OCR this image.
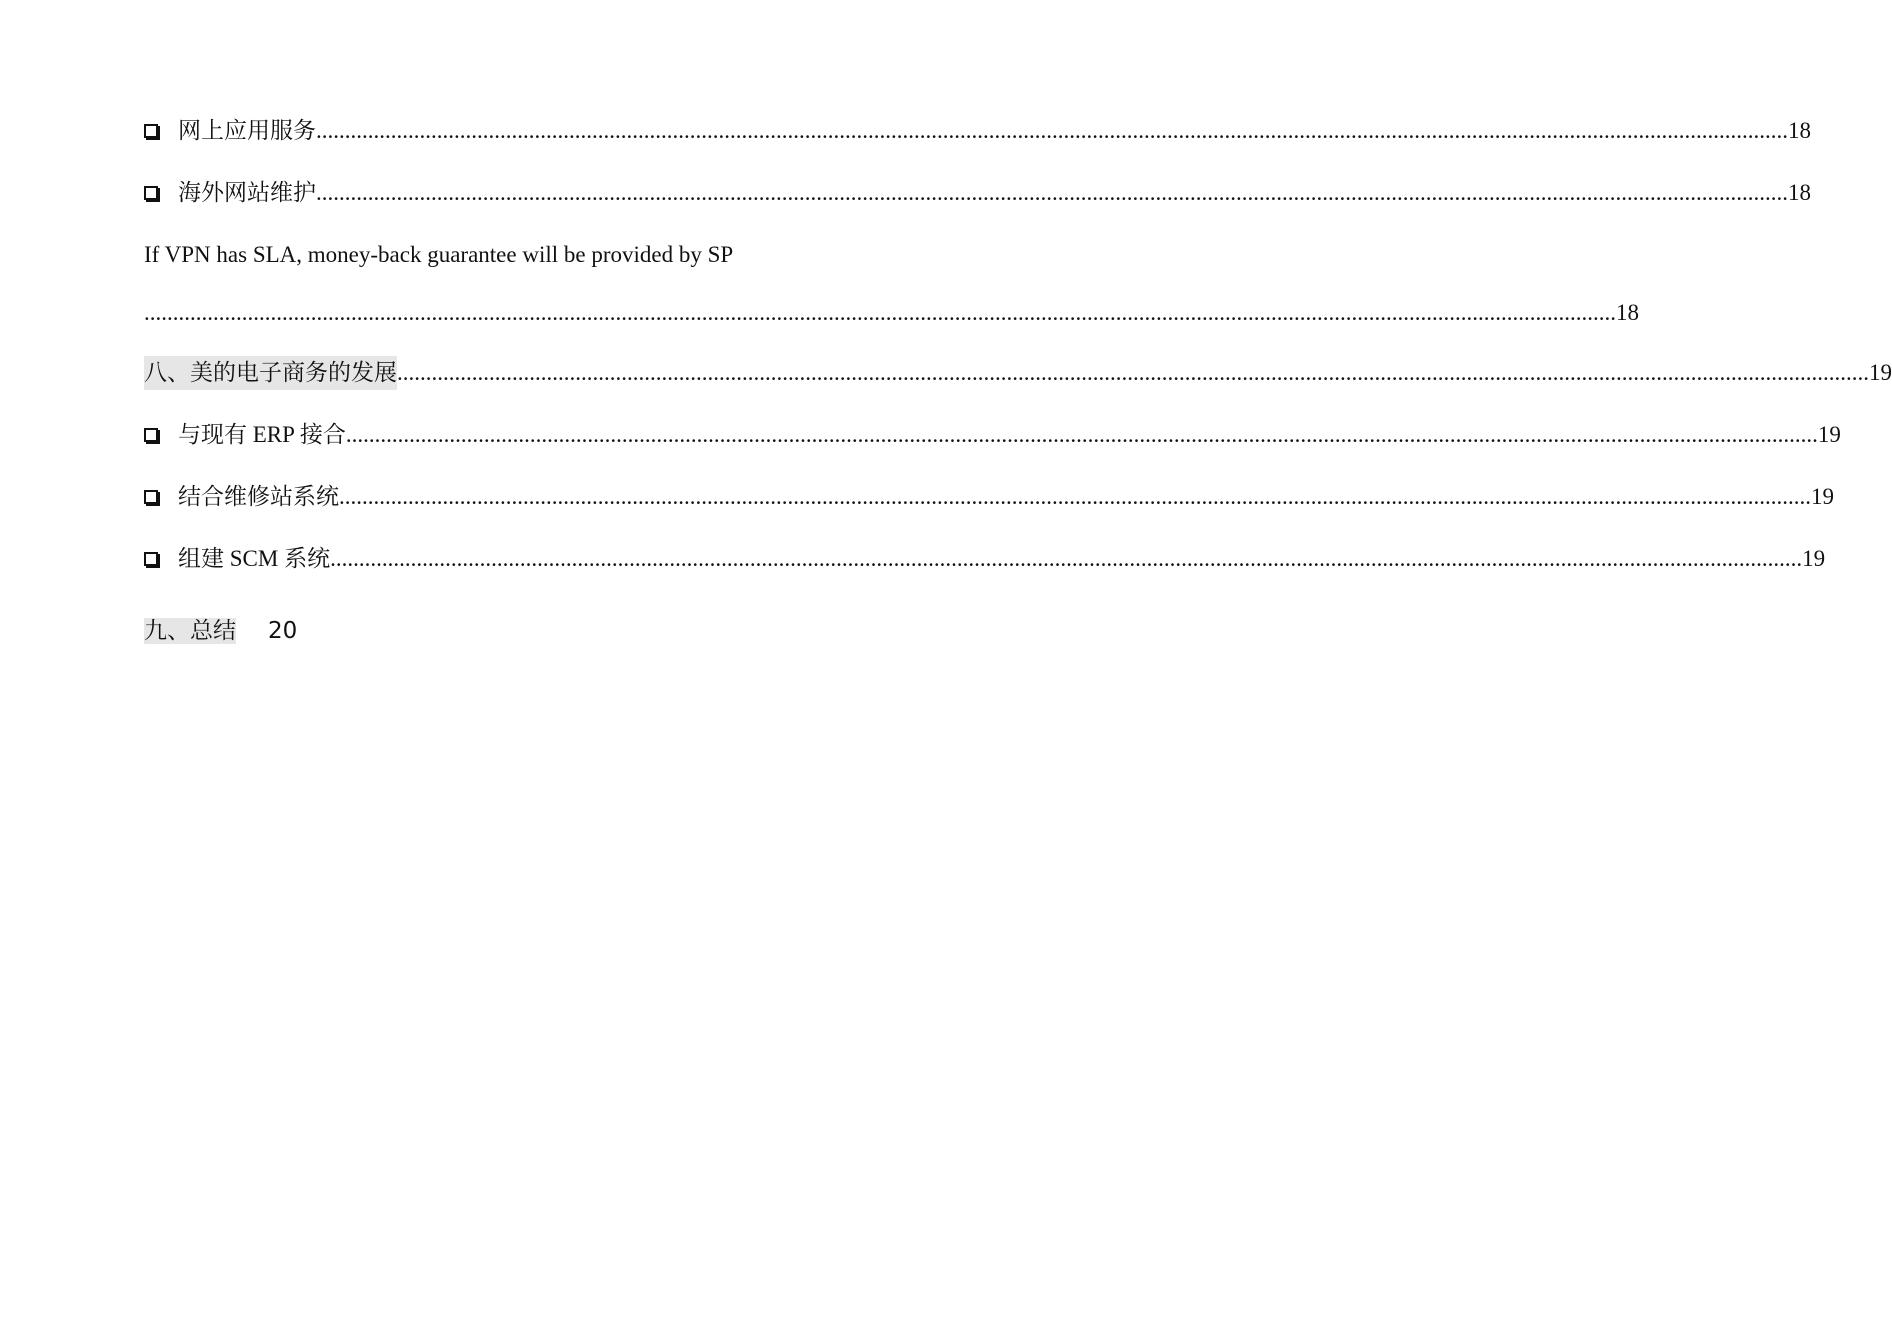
网上应用服务 ................................................................................................................................................................................................................................................................ 18
海外网站维护 ................................................................................................................................................................................................................................................................ 18
If VPN has SLA, money-back guarantee will be provided by SP
................................................................................................................................................................................................................................................................ 18
八、美的电子商务的发展 ................................................................................................................................................................................................................................................................ 19
与现有 ERP 接合 ................................................................................................................................................................................................................................................................ 19
结合维修站系统 ................................................................................................................................................................................................................................................................ 19
组建 SCM 系统 ................................................................................................................................................................................................................................................................ 19
九、总结 20
